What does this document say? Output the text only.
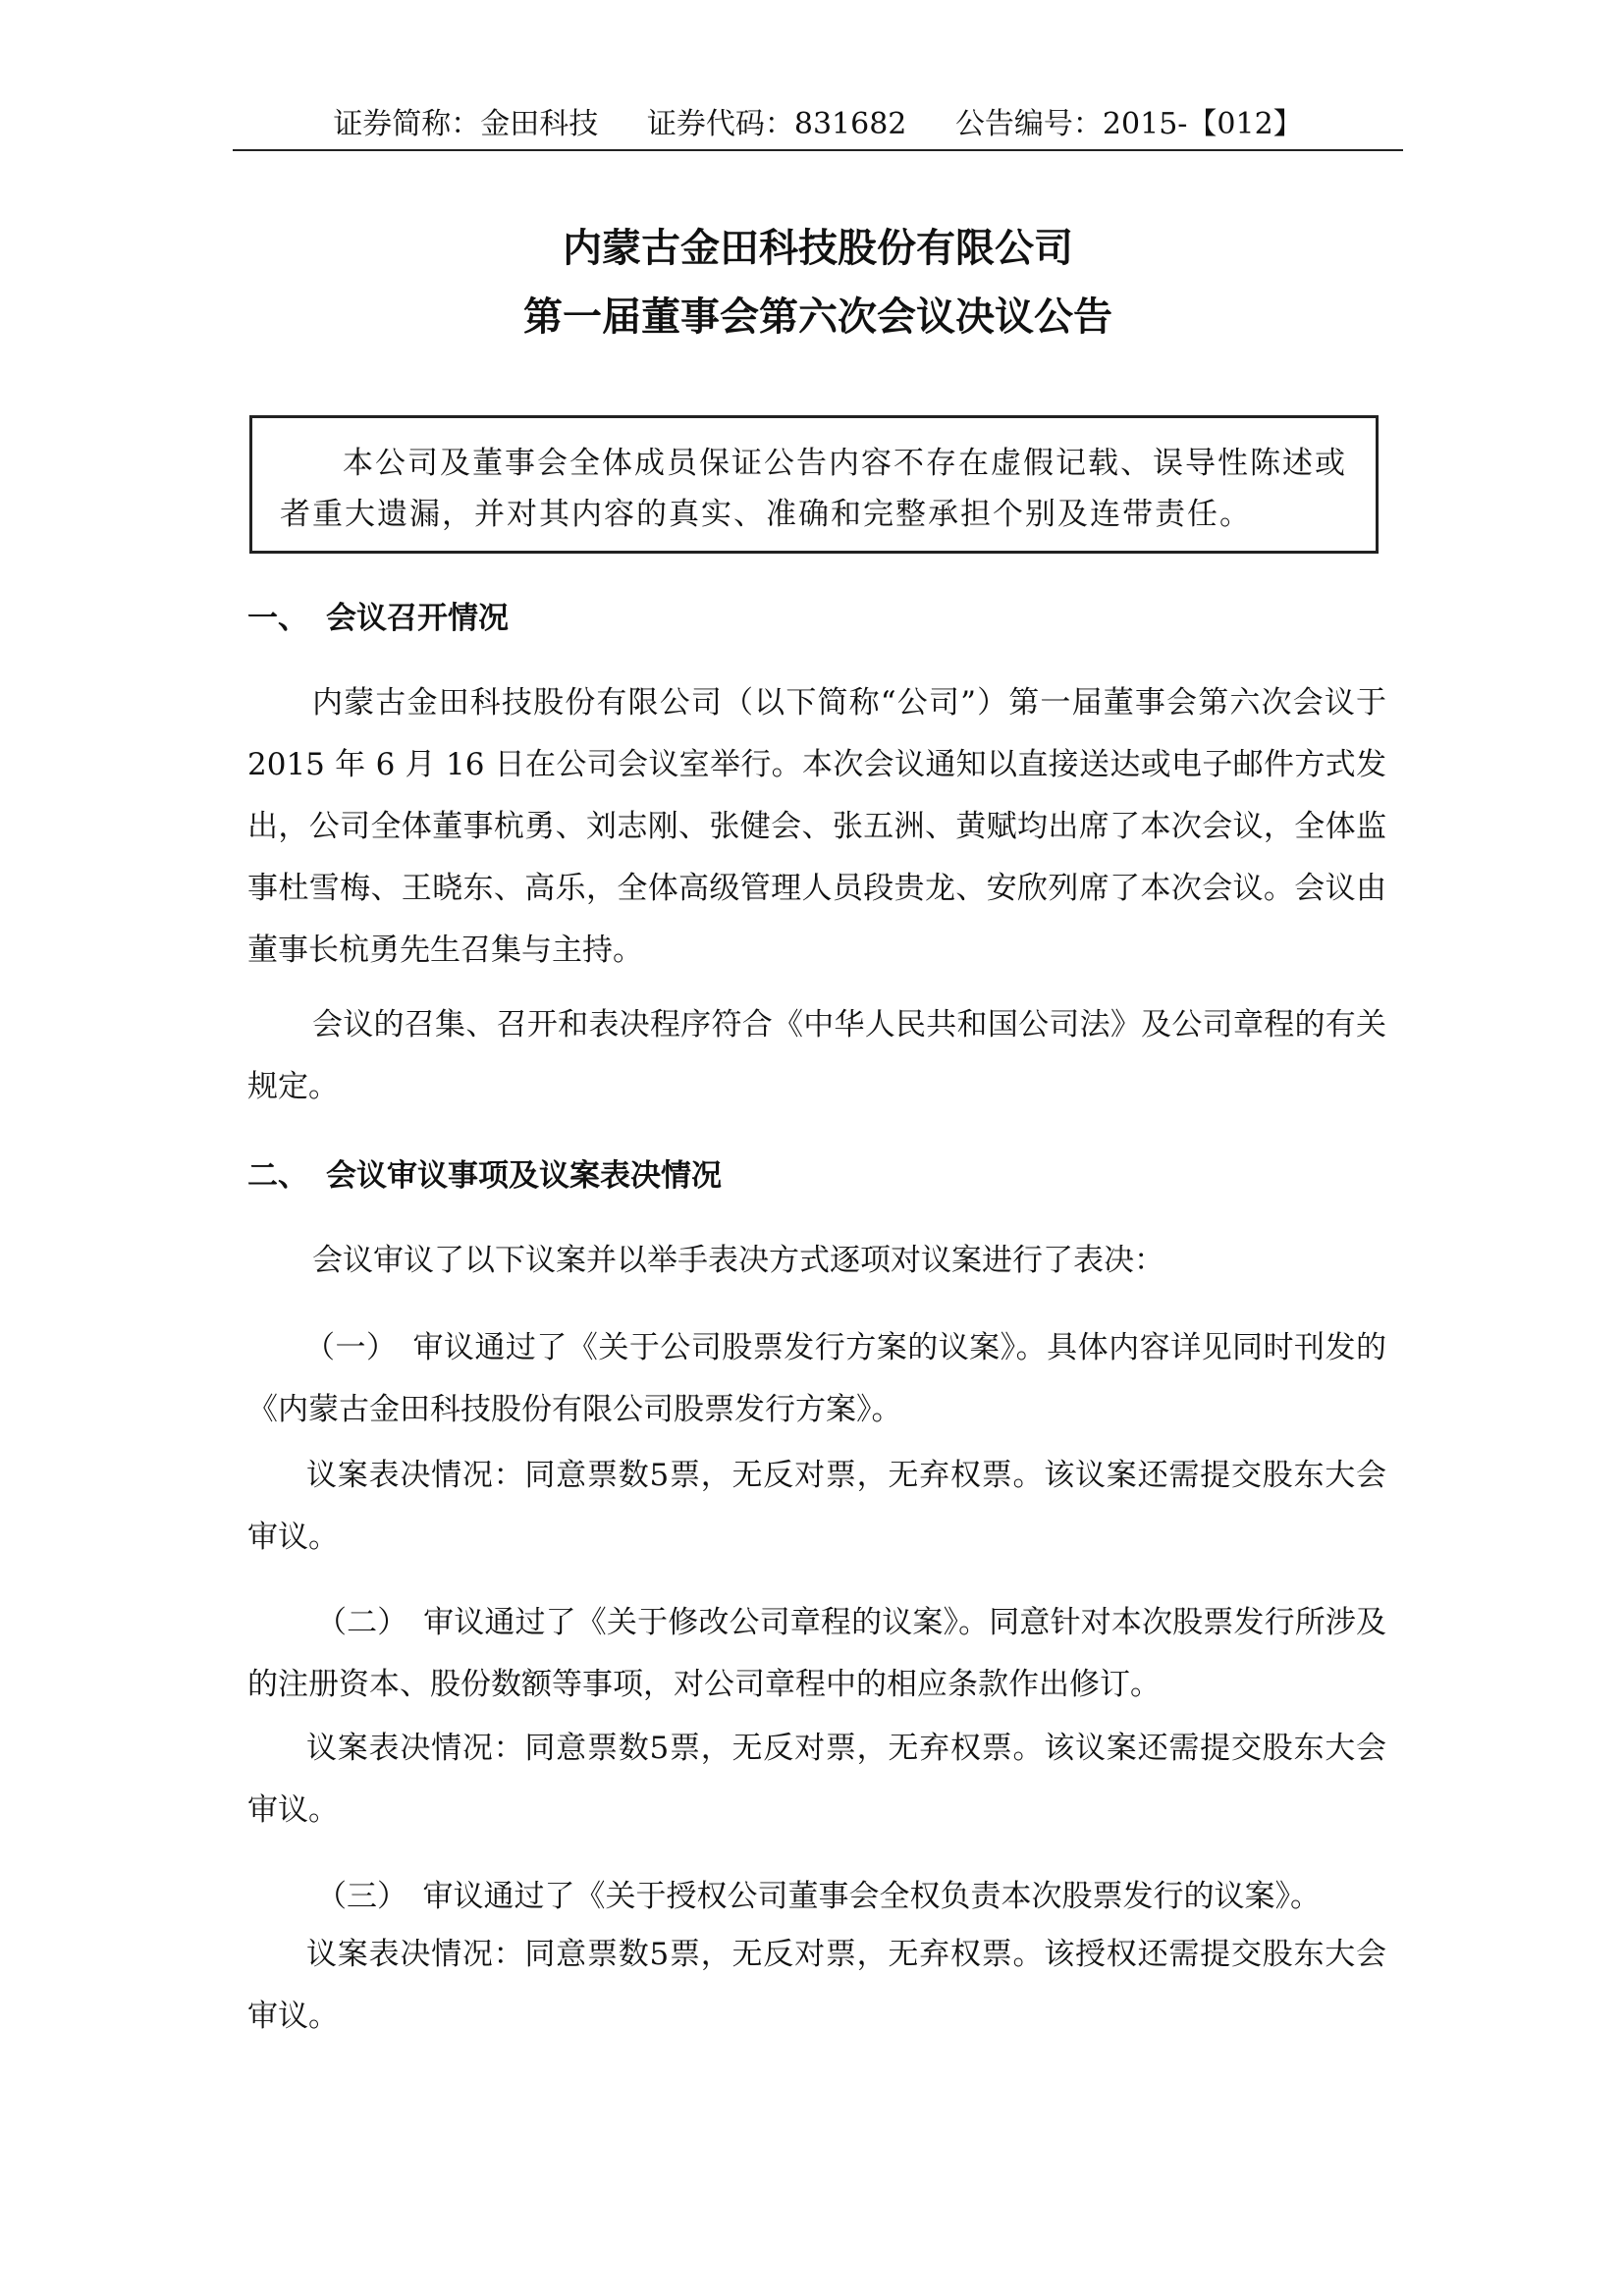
证券简称：金田科技 证券代码：831682 公告编号：2015-【012】
内蒙古金田科技股份有限公司
第一届董事会第六次会议决议公告
本公司及董事会全体成员保证公告内容不存在虚假记载、误导性陈述或者重大遗漏，并对其内容的真实、准确和完整承担个别及连带责任。
一、 会议召开情况
内蒙古金田科技股份有限公司（以下简称“公司”）第一届董事会第六次会议于 2015 年 6 月 16 日在公司会议室举行。本次会议通知以直接送达或电子邮件方式发出，公司全体董事杭勇、刘志刚、张健会、张五洲、黄赋均出席了本次会议，全体监事杜雪梅、王晓东、高乐，全体高级管理人员段贵龙、安欣列席了本次会议。会议由董事长杭勇先生召集与主持。
会议的召集、召开和表决程序符合《中华人民共和国公司法》及公司章程的有关规定。
二、 会议审议事项及议案表决情况
会议审议了以下议案并以举手表决方式逐项对议案进行了表决：
（一）　审议通过了《关于公司股票发行方案的议案》。具体内容详见同时刊发的《内蒙古金田科技股份有限公司股票发行方案》。
议案表决情况：同意票数5票，无反对票，无弃权票。该议案还需提交股东大会审议。
（二）　审议通过了《关于修改公司章程的议案》。同意针对本次股票发行所涉及的注册资本、股份数额等事项，对公司章程中的相应条款作出修订。
议案表决情况：同意票数5票，无反对票，无弃权票。该议案还需提交股东大会审议。
（三）　审议通过了《关于授权公司董事会全权负责本次股票发行的议案》。
议案表决情况：同意票数5票，无反对票，无弃权票。该授权还需提交股东大会审议。
